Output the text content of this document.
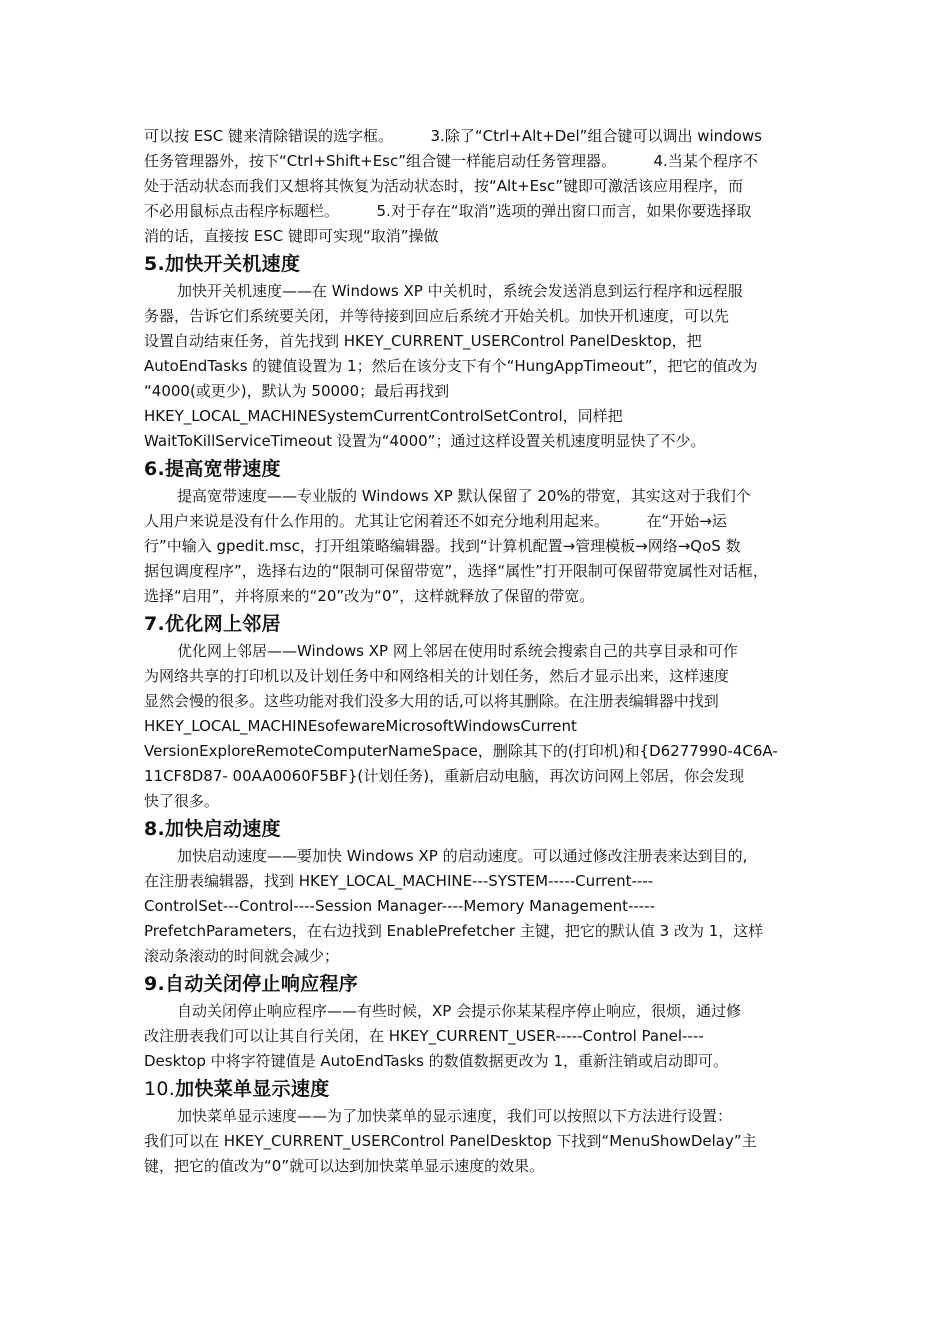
可以按 ESC 键来清除错误的选字框。　　　3.除了“Ctrl+Alt+Del”组合键可以调出 windows
任务管理器外，按下“Ctrl+Shift+Esc”组合键一样能启动任务管理器。　　　4.当某个程序不
处于活动状态而我们又想将其恢复为活动状态时，按“Alt+Esc”键即可激活该应用程序，而
不必用鼠标点击程序标题栏。　　　5.对于存在“取消”选项的弹出窗口而言，如果你要选择取
消的话，直接按 ESC 键即可实现“取消”操做

5.加快开关机速度

加快开关机速度——在 Windows XP 中关机时，系统会发送消息到运行程序和远程服
务器，告诉它们系统要关闭，并等待接到回应后系统才开始关机。加快开机速度，可以先
设置自动结束任务，首先找到 HKEY_CURRENT_USERControl PanelDesktop，把
AutoEndTasks 的键值设置为 1；然后在该分支下有个“HungAppTimeout”，把它的值改为
“4000(或更少)，默认为 50000；最后再找到
HKEY_LOCAL_MACHINESystemCurrentControlSetControl，同样把
WaitToKillServiceTimeout 设置为“4000”；通过这样设置关机速度明显快了不少。

6.提高宽带速度

提高宽带速度——专业版的 Windows XP 默认保留了 20%的带宽，其实这对于我们个
人用户来说是没有什么作用的。尤其让它闲着还不如充分地利用起来。　　　在“开始→运
行”中输入 gpedit.msc，打开组策略编辑器。找到“计算机配置→管理模板→网络→QoS 数
据包调度程序”，选择右边的“限制可保留带宽”，选择“属性”打开限制可保留带宽属性对话框，
选择“启用”，并将原来的“20”改为“0”，这样就释放了保留的带宽。

7.优化网上邻居

优化网上邻居——Windows XP 网上邻居在使用时系统会搜索自己的共享目录和可作
为网络共享的打印机以及计划任务中和网络相关的计划任务，然后才显示出来，这样速度
显然会慢的很多。这些功能对我们没多大用的话,可以将其删除。在注册表编辑器中找到
HKEY_LOCAL_MACHINEsofewareMicrosoftWindowsCurrent
VersionExploreRemoteComputerNameSpace，删除其下的(打印机)和{D6277990-4C6A-
11CF8D87- 00AA0060F5BF}(计划任务)，重新启动电脑，再次访问网上邻居，你会发现
快了很多。

8.加快启动速度

加快启动速度——要加快 Windows XP 的启动速度。可以通过修改注册表来达到目的,
在注册表编辑器，找到 HKEY_LOCAL_MACHINE---SYSTEM-----Current----
ControlSet---Control----Session Manager----Memory Management-----
PrefetchParameters，在右边找到 EnablePrefetcher 主键，把它的默认值 3 改为 1，这样
滚动条滚动的时间就会减少；

9.自动关闭停止响应程序

自动关闭停止响应程序——有些时候，XP 会提示你某某程序停止响应，很烦，通过修
改注册表我们可以让其自行关闭，在 HKEY_CURRENT_USER-----Control Panel----
Desktop 中将字符键值是 AutoEndTasks 的数值数据更改为 1，重新注销或启动即可。

10.加快菜单显示速度

加快菜单显示速度——为了加快菜单的显示速度，我们可以按照以下方法进行设置：
我们可以在 HKEY_CURRENT_USERControl PanelDesktop 下找到“MenuShowDelay”主
键，把它的值改为“0”就可以达到加快菜单显示速度的效果。
